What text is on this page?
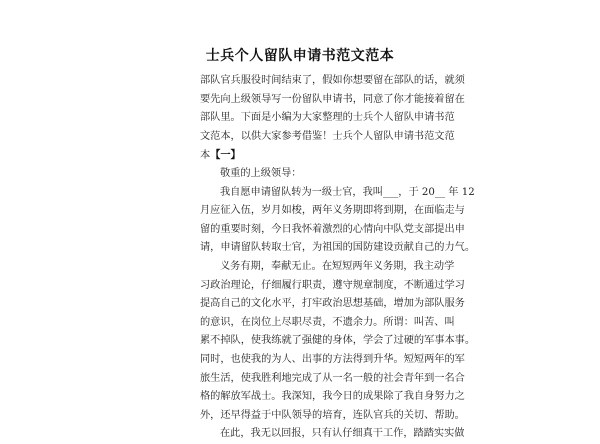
士兵个人留队申请书范文范本
部队官兵服役时间结束了，假如你想要留在部队的话，就须
要先向上级领导写一份留队申请书，同意了你才能接着留在
部队里。下面是小编为大家整理的士兵个人留队申请书范
文范本，以供大家参考借鉴！士兵个人留队申请书范文范
本【一】
敬重的上级领导：
我自愿申请留队转为一级士官，我叫___，于 20__ 年 12
月应征入伍，岁月如梭，两年义务期即将到期，在面临走与
留的重要时刻，今日我怀着激烈的心情向中队党支部提出申
请，申请留队转取士官，为祖国的国防建设贡献自己的力气。
义务有期，奉献无止。在短短两年义务期，我主动学
习政治理论，仔细履行职责，遵守规章制度，不断通过学习
提高自己的文化水平，打牢政治思想基础，增加为部队服务
的意识，在岗位上尽职尽责，不遗余力。所谓：叫苦、叫
累不掉队，使我练就了强健的身体，学会了过硬的军事本事。
同时，也使我的为人、出事的方法得到升华。短短两年的军
旅生活，使我胜利地完成了从一名一般的社会青年到一名合
格的解放军战士。我深知，我今日的成果除了我自身努力之
外，还早得益于中队领导的培育，连队官兵的关切、帮助。
在此，我无以回报，只有认仔细真干工作，踏踏实实做
